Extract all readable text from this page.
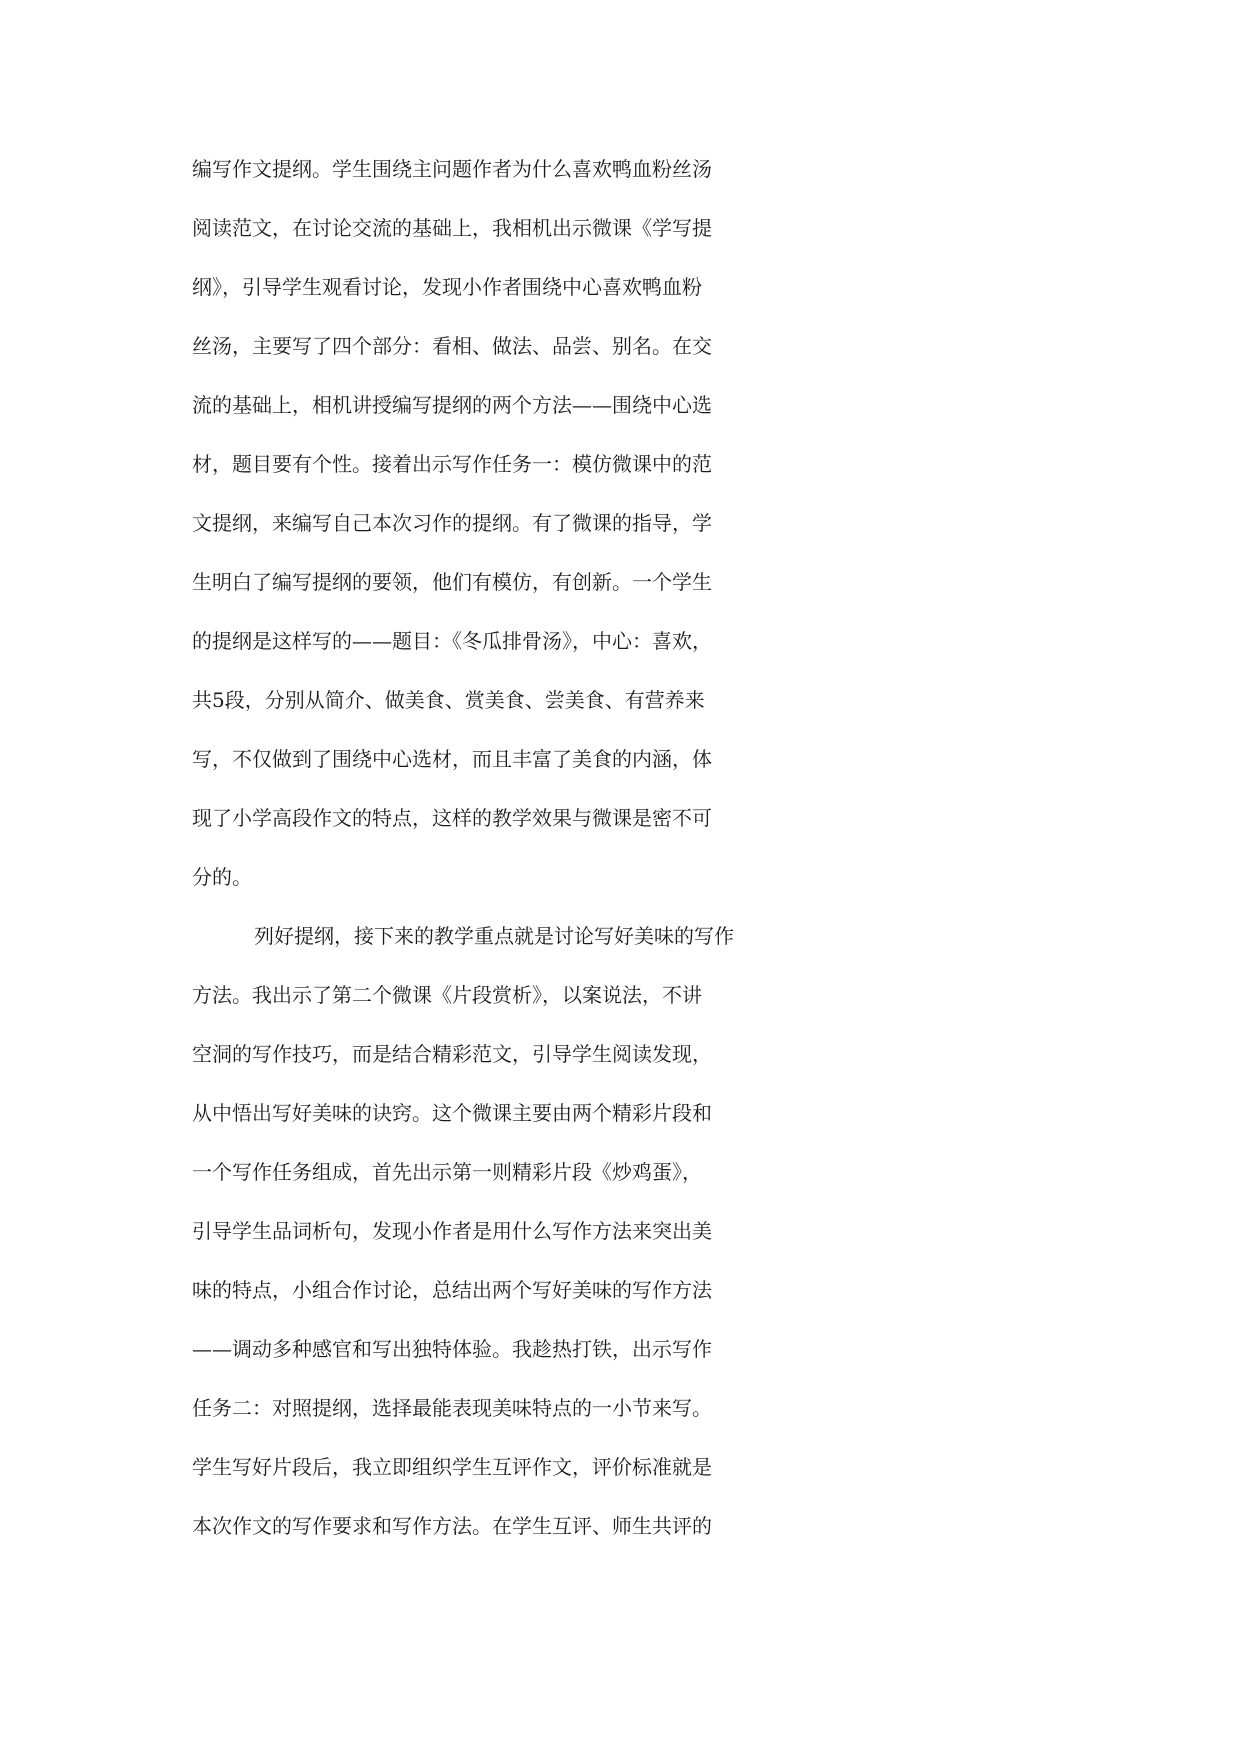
编写作文提纲。学生围绕主问题作者为什么喜欢鸭血粉丝汤
阅读范文，在讨论交流的基础上，我相机出示微课《学写提
纲》，引导学生观看讨论，发现小作者围绕中心喜欢鸭血粉
丝汤，主要写了四个部分：看相、做法、品尝、别名。在交
流的基础上，相机讲授编写提纲的两个方法——围绕中心选
材，题目要有个性。接着出示写作任务一：模仿微课中的范
文提纲，来编写自己本次习作的提纲。有了微课的指导，学
生明白了编写提纲的要领，他们有模仿，有创新。一个学生
的提纲是这样写的——题目：《冬瓜排骨汤》，中心：喜欢，
共5段，分别从简介、做美食、赏美食、尝美食、有营养来
写，不仅做到了围绕中心选材，而且丰富了美食的内涵，体
现了小学高段作文的特点，这样的教学效果与微课是密不可
分的。
列好提纲，接下来的教学重点就是讨论写好美味的写作
方法。我出示了第二个微课《片段赏析》，以案说法，不讲
空洞的写作技巧，而是结合精彩范文，引导学生阅读发现，
从中悟出写好美味的诀窍。这个微课主要由两个精彩片段和
一个写作任务组成，首先出示第一则精彩片段《炒鸡蛋》，
引导学生品词析句，发现小作者是用什么写作方法来突出美
味的特点，小组合作讨论，总结出两个写好美味的写作方法
——调动多种感官和写出独特体验。我趁热打铁，出示写作
任务二：对照提纲，选择最能表现美味特点的一小节来写。
学生写好片段后，我立即组织学生互评作文，评价标准就是
本次作文的写作要求和写作方法。在学生互评、师生共评的
